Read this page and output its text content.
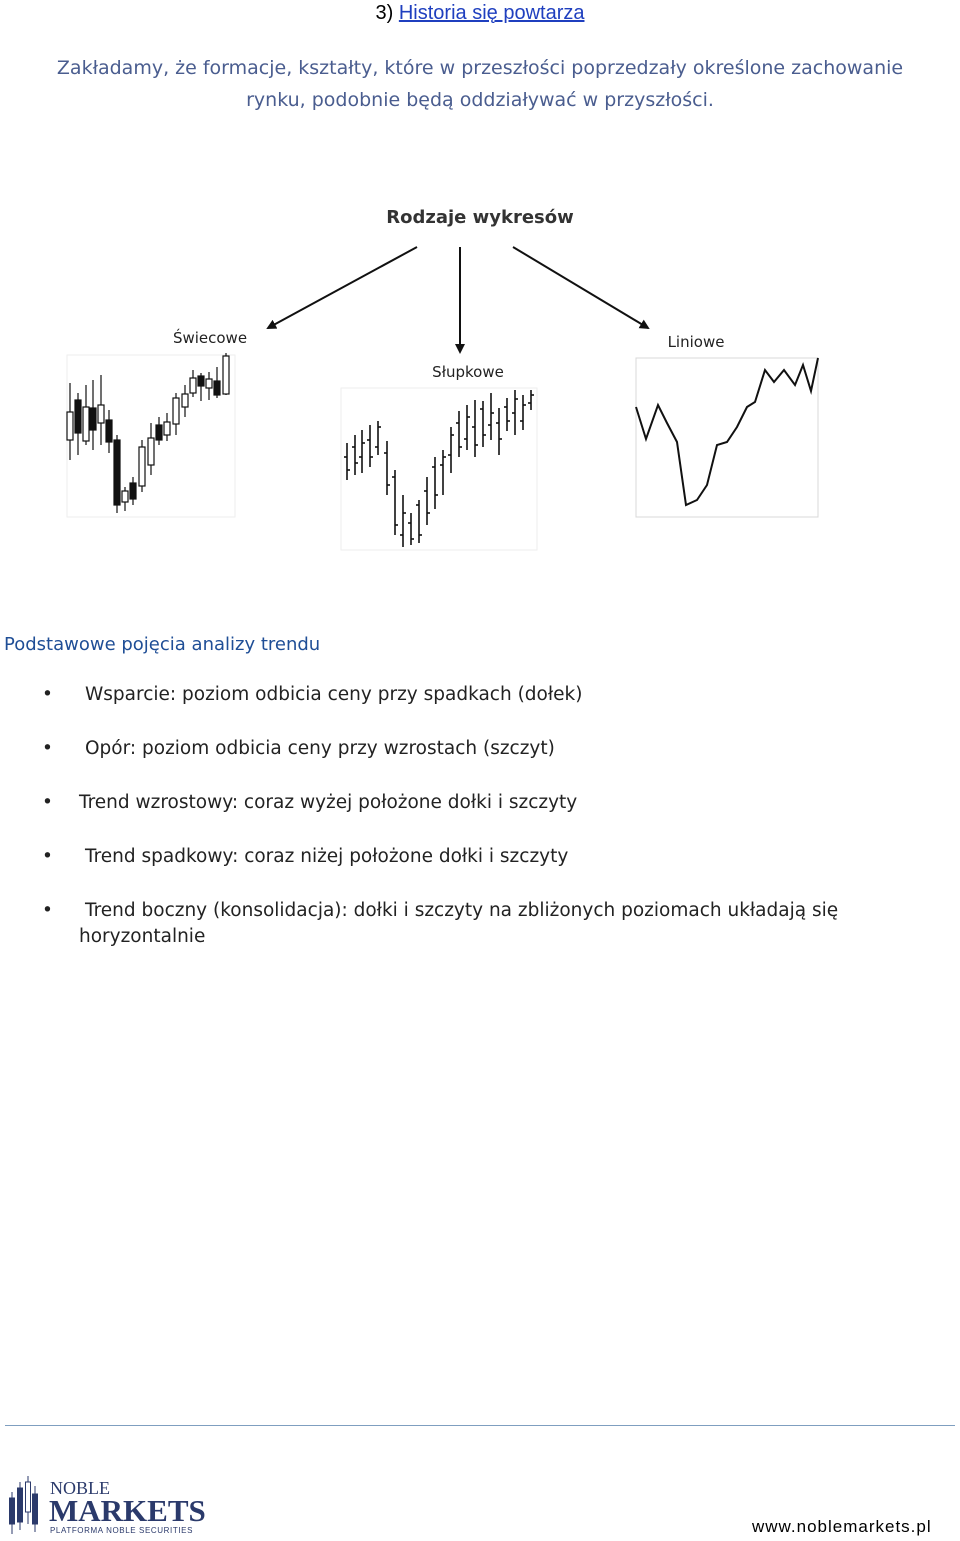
3) Historia się powtarza
Zakładamy, że formacje, kształty, które w przeszłości poprzedzały określone zachowanie
rynku, podobnie będą oddziaływać w przyszłości.
Rodzaje wykresów
Świecowe
Słupkowe
Liniowe
Podstawowe pojęcia analizy trendu
• Wsparcie: poziom odbicia ceny przy spadkach (dołek)
• Opór: poziom odbicia ceny przy wzrostach (szczyt)
• Trend wzrostowy: coraz wyżej położone dołki i szczyty
• Trend spadkowy: coraz niżej położone dołki i szczyty
• Trend boczny (konsolidacja): dołki i szczyty na zbliżonych poziomach układają się
horyzontalnie
NOBLE
MARKETS
PLATFORMA NOBLE SECURITIES	www.noblemarkets.pl
